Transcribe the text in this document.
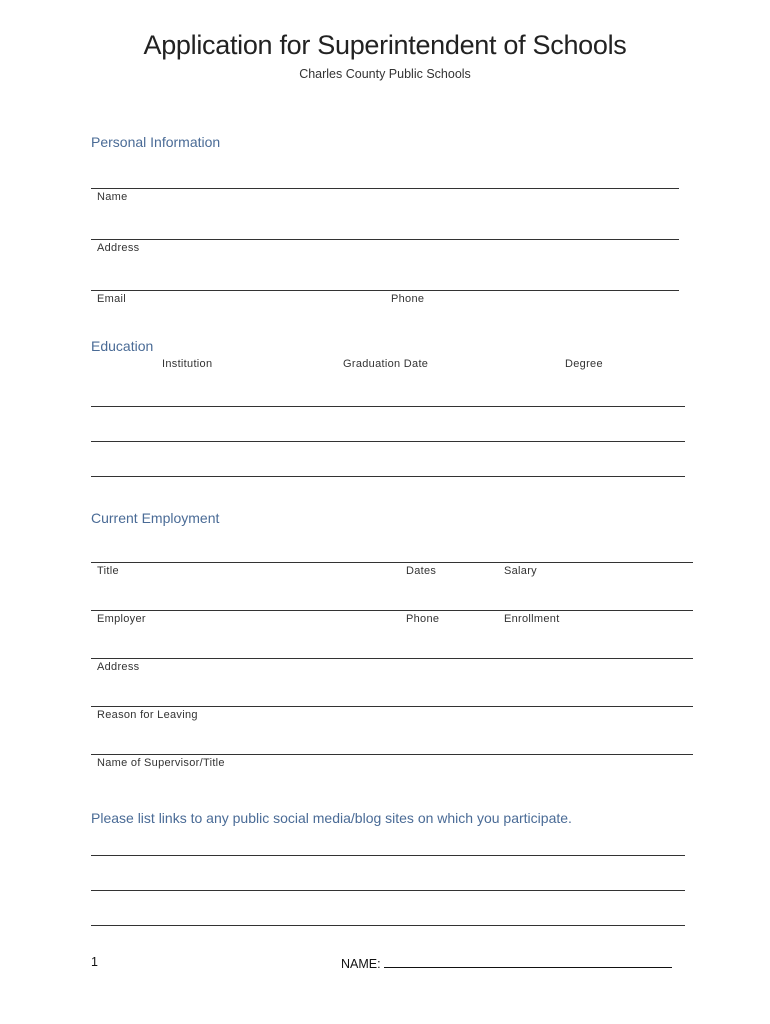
Application for Superintendent of Schools
Charles County Public Schools
Personal Information
Name
Address
Email	Phone
Education
Institution	Graduation Date	Degree
Current Employment
Title	Dates	Salary
Employer	Phone	Enrollment
Address
Reason for Leaving
Name of Supervisor/Title
Please list links to any public social media/blog sites on which you participate.
1	NAME:
